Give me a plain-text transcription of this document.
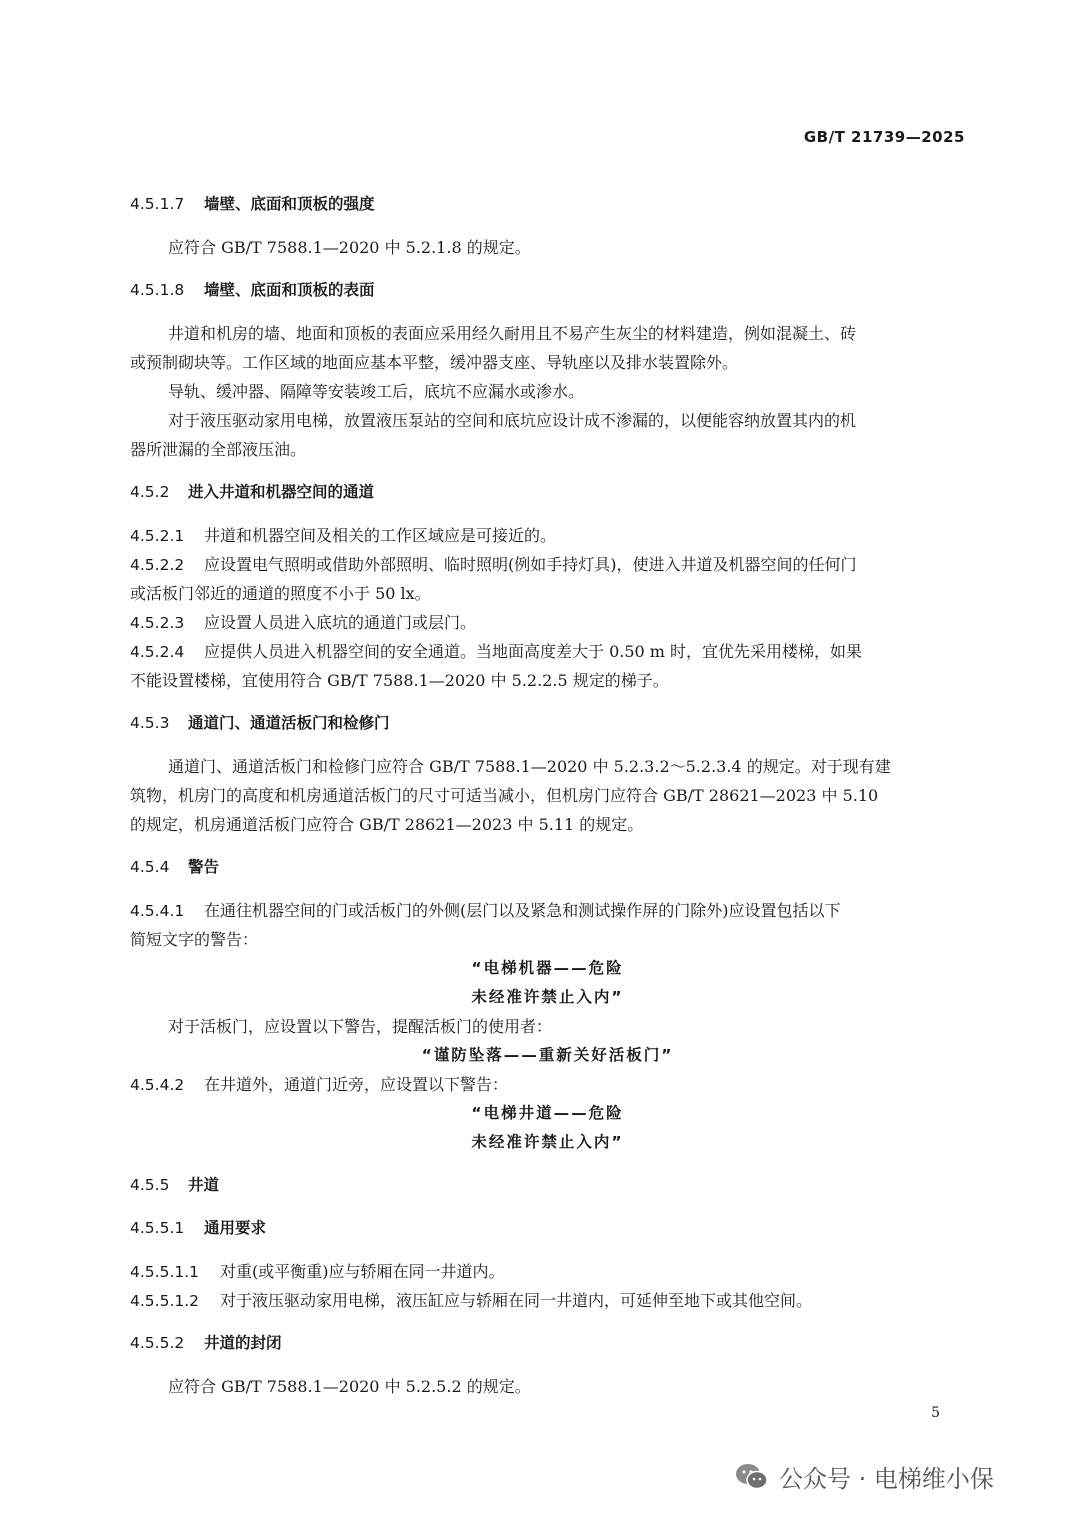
GB/T 21739—2025
4.5.1.7 墙壁、底面和顶板的强度
应符合 GB/T 7588.1—2020 中 5.2.1.8 的规定。
4.5.1.8 墙壁、底面和顶板的表面
井道和机房的墙、地面和顶板的表面应采用经久耐用且不易产生灰尘的材料建造，例如混凝土、砖
或预制砌块等。工作区域的地面应基本平整，缓冲器支座、导轨座以及排水装置除外。
导轨、缓冲器、隔障等安装竣工后，底坑不应漏水或渗水。
对于液压驱动家用电梯，放置液压泵站的空间和底坑应设计成不渗漏的，以便能容纳放置其内的机
器所泄漏的全部液压油。
4.5.2 进入井道和机器空间的通道
4.5.2.1 井道和机器空间及相关的工作区域应是可接近的。
4.5.2.2 应设置电气照明或借助外部照明、临时照明(例如手持灯具)，使进入井道及机器空间的任何门
或活板门邻近的通道的照度不小于 50 lx。
4.5.2.3 应设置人员进入底坑的通道门或层门。
4.5.2.4 应提供人员进入机器空间的安全通道。当地面高度差大于 0.50 m 时，宜优先采用楼梯，如果
不能设置楼梯，宜使用符合 GB/T 7588.1—2020 中 5.2.2.5 规定的梯子。
4.5.3 通道门、通道活板门和检修门
通道门、通道活板门和检修门应符合 GB/T 7588.1—2020 中 5.2.3.2～5.2.3.4 的规定。对于现有建
筑物，机房门的高度和机房通道活板门的尺寸可适当减小，但机房门应符合 GB/T 28621—2023 中 5.10
的规定，机房通道活板门应符合 GB/T 28621—2023 中 5.11 的规定。
4.5.4 警告
4.5.4.1 在通往机器空间的门或活板门的外侧(层门以及紧急和测试操作屏的门除外)应设置包括以下
简短文字的警告：
“电梯机器——危险
未经准许禁止入内”
对于活板门，应设置以下警告，提醒活板门的使用者：
“谨防坠落——重新关好活板门”
4.5.4.2 在井道外，通道门近旁，应设置以下警告：
“电梯井道——危险
未经准许禁止入内”
4.5.5 井道
4.5.5.1 通用要求
4.5.5.1.1 对重(或平衡重)应与轿厢在同一井道内。
4.5.5.1.2 对于液压驱动家用电梯，液压缸应与轿厢在同一井道内，可延伸至地下或其他空间。
4.5.5.2 井道的封闭
应符合 GB/T 7588.1—2020 中 5.2.5.2 的规定。
5
公众号 · 电梯维小保
